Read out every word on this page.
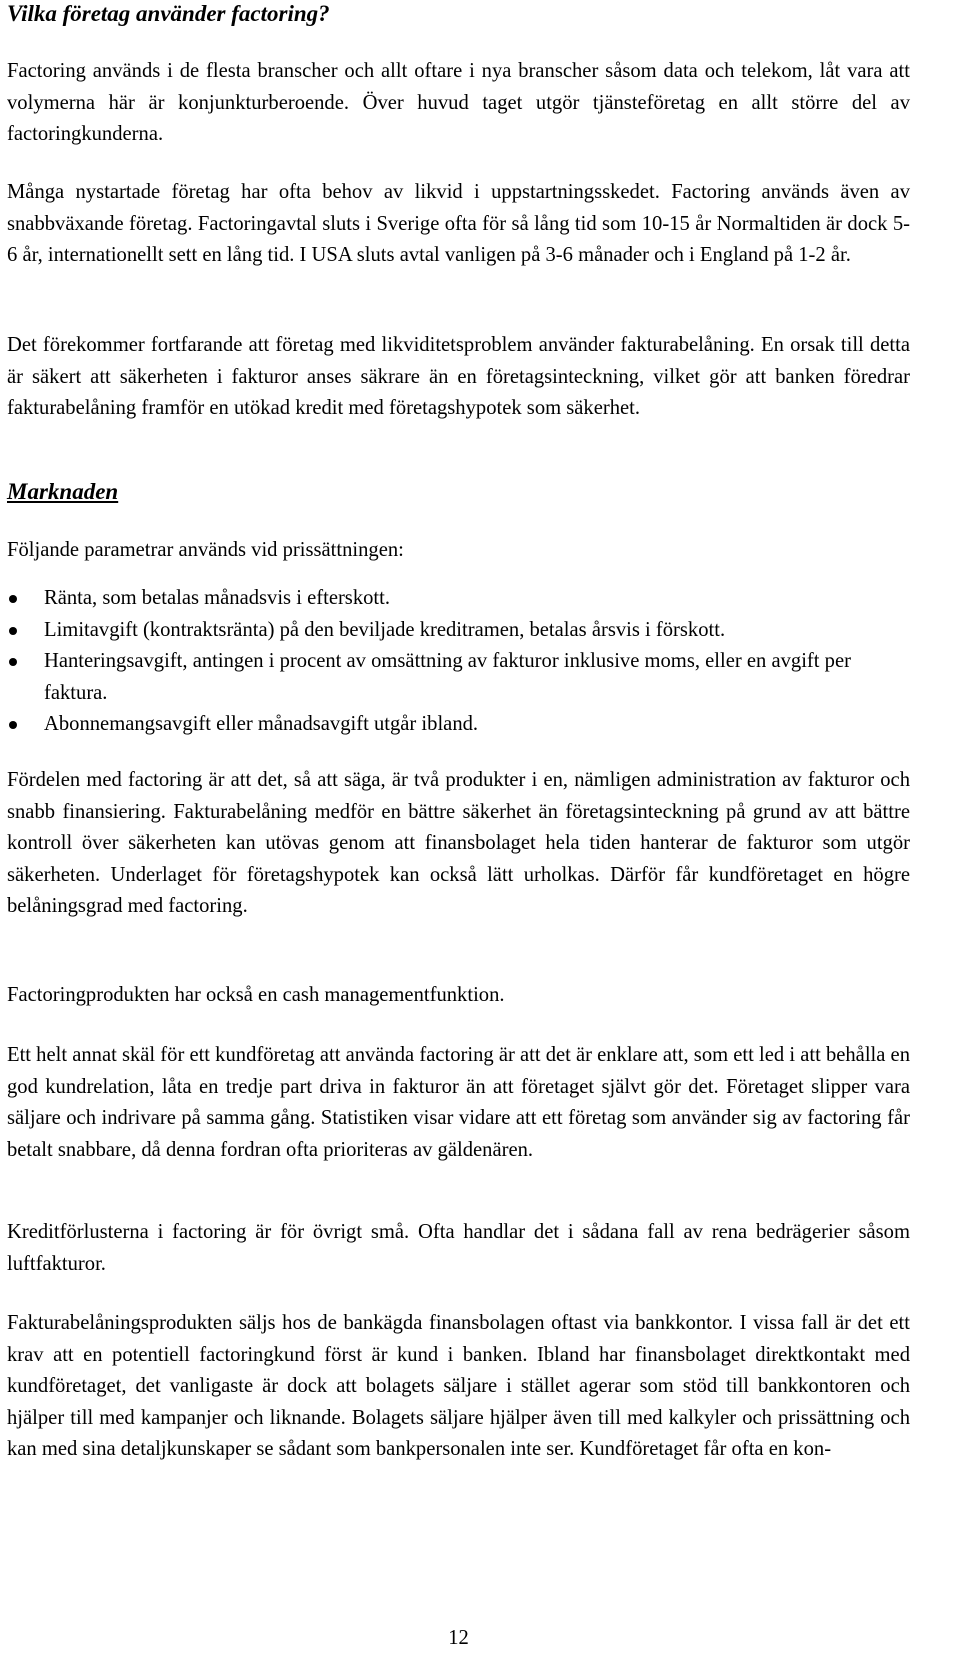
Vilka företag använder factoring?

Factoring används i de flesta branscher och allt oftare i nya branscher såsom data och telekom, låt vara att volymerna här är konjunkturberoende. Över huvud taget utgör tjänsteföretag en allt större del av factoringkunderna.

Många nystartade företag har ofta behov av likvid i uppstartningsskedet. Factoring används även av snabbväxande företag. Factoringavtal sluts i Sverige ofta för så lång tid som 10-15 år Normaltiden är dock 5-6 år, internationellt sett en lång tid. I USA sluts avtal vanligen på 3-6 månader och i England på 1-2 år.

Det förekommer fortfarande att företag med likviditetsproblem använder fakturabelåning. En orsak till detta är säkert att säkerheten i fakturor anses säkrare än en företagsinteckning, vilket gör att banken föredrar fakturabelåning framför en utökad kredit med företagshypotek som säkerhet.

Marknaden

Följande parametrar används vid prissättningen:

Ränta, som betalas månadsvis i efterskott.
Limitavgift (kontraktsränta) på den beviljade kreditramen, betalas årsvis i förskott.
Hanteringsavgift, antingen i procent av omsättning av fakturor inklusive moms, eller en avgift per faktura.
Abonnemangsavgift eller månadsavgift utgår ibland.

Fördelen med factoring är att det, så att säga, är två produkter i en, nämligen administration av fakturor och snabb finansiering. Fakturabelåning medför en bättre säkerhet än företagsinteckning på grund av att bättre kontroll över säkerheten kan utövas genom att finansbolaget hela tiden hanterar de fakturor som utgör säkerheten. Underlaget för företagshypotek kan också lätt urholkas. Därför får kundföretaget en högre belåningsgrad med factoring.

Factoringprodukten har också en cash managementfunktion.

Ett helt annat skäl för ett kundföretag att använda factoring är att det är enklare att, som ett led i att behålla en god kundrelation, låta en tredje part driva in fakturor än att företaget självt gör det. Företaget slipper vara säljare och indrivare på samma gång. Statistiken visar vidare att ett företag som använder sig av factoring får betalt snabbare, då denna fordran ofta prioriteras av gäldenären.

Kreditförlusterna i factoring är för övrigt små. Ofta handlar det i sådana fall av rena bedrägerier såsom luftfakturor.

Fakturabelåningsprodukten säljs hos de bankägda finansbolagen oftast via bankkontor. I vissa fall är det ett krav att en potentiell factoringkund först är kund i banken. Ibland har finansbolaget direktkontakt med kundföretaget, det vanligaste är dock att bolagets säljare i stället agerar som stöd till bankkontoren och hjälper till med kampanjer och liknande. Bolagets säljare hjälper även till med kalkyler och prissättning och kan med sina detaljkunskaper se sådant som bankpersonalen inte ser. Kundföretaget får ofta en kon-

12
